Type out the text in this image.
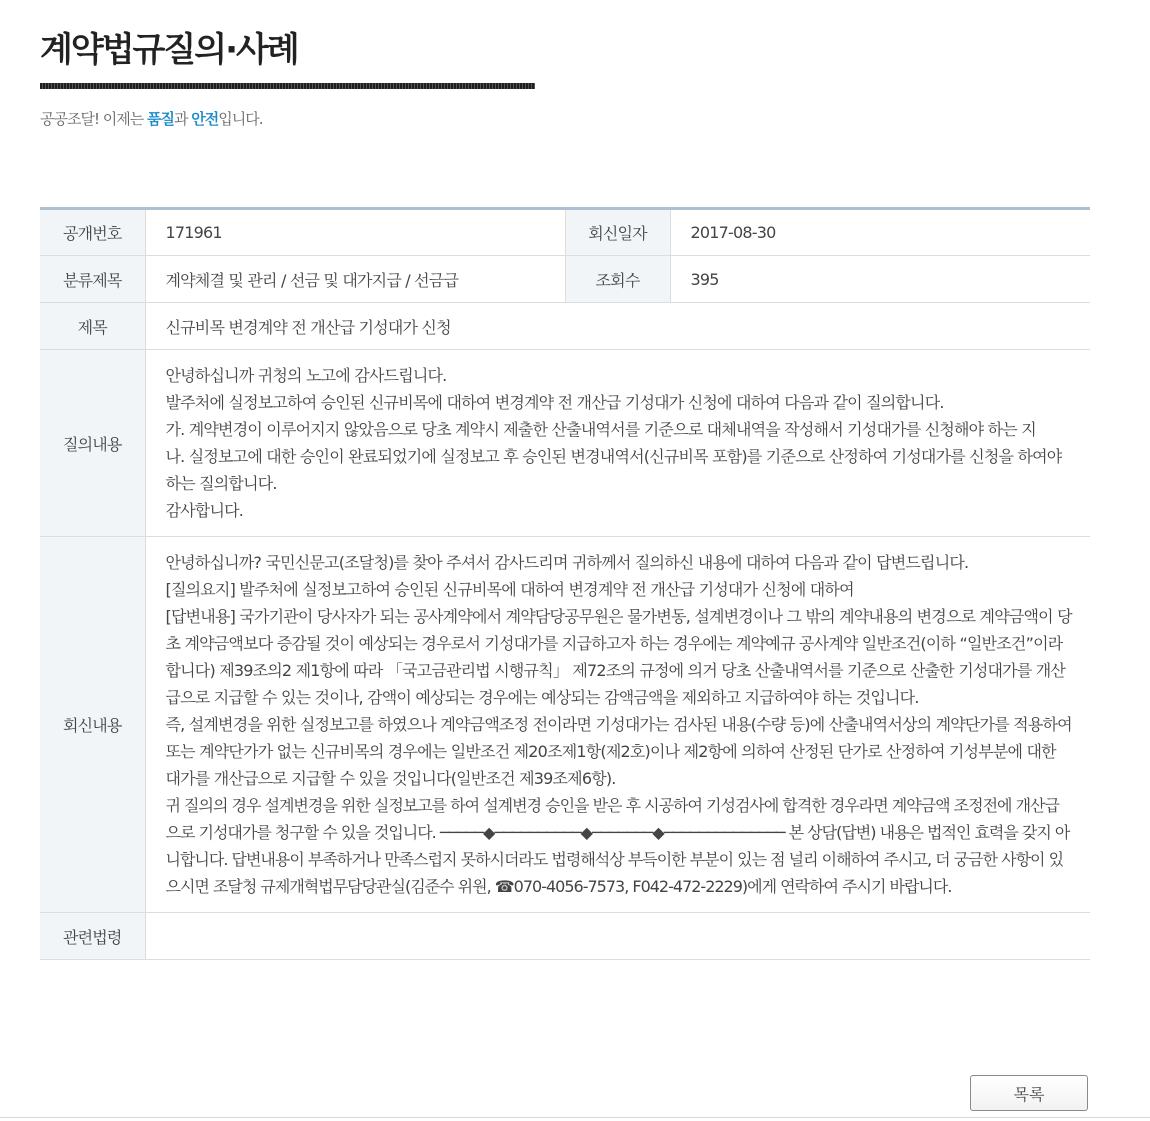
계약법규질의·사례
공공조달! 이제는 품질과 안전입니다.
공개번호	171961	회신일자	2017-08-30
분류제목	계약체결 및 관리 / 선금 및 대가지급 / 선금급	조회수	395
제목	신규비목 변경계약 전 개산급 기성대가 신청		
질의내용	안녕하십니까 귀청의 노고에 감사드립니다.
발주처에 실정보고하여 승인된 신규비목에 대하여 변경계약 전 개산급 기성대가 신청에 대하여 다음과 같이 질의합니다.
가. 계약변경이 이루어지지 않았음으로 당초 계약시 제출한 산출내역서를 기준으로 대체내역을 작성해서 기성대가를 신청해야 하는 지
나. 실정보고에 대한 승인이 완료되었기에 실정보고 후 승인된 변경내역서(신규비목 포함)를 기준으로 산정하여 기성대가를 신청을 하여야 하는 질의합니다.
감사합니다.		

회신내용	안녕하십니까? 국민신문고(조달청)를 찾아 주셔서 감사드리며 귀하께서 질의하신 내용에 대하여 다음과 같이 답변드립니다.
[질의요지] 발주처에 실정보고하여 승인된 신규비목에 대하여 변경계약 전 개산급 기성대가 신청에 대하여
[답변내용] 국가기관이 당사자가 되는 공사계약에서 계약담당공무원은 물가변동, 설계변경이나 그 밖의 계약내용의 변경으로 계약금액이 당초 계약금액보다 증감될 것이 예상되는 경우로서 기성대가를 지급하고자 하는 경우에는 계약예규 공사계약 일반조건(이하 “일반조건”이라 합니다) 제39조의2 제1항에 따라 「국고금관리법 시행규칙」 제72조의 규정에 의거 당초 산출내역서를 기준으로 산출한 기성대가를 개산급으로 지급할 수 있는 것이나, 감액이 예상되는 경우에는 예상되는 감액금액을 제외하고 지급하여야 하는 것입니다.
즉, 설계변경을 위한 실정보고를 하였으나 계약금액조정 전이라면 기성대가는 검사된 내용(수량 등)에 산출내역서상의 계약단가를 적용하여 또는 계약단가가 없는 신규비목의 경우에는 일반조건 제20조제1항(제2호)이나 제2항에 의하여 산정된 단가로 산정하여 기성부분에 대한 대가를 개산급으로 지급할 수 있을 것입니다(일반조건 제39조제6항).
귀 질의의 경우 설계변경을 위한 실정보고를 하여 설계변경 승인을 받은 후 시공하여 기성검사에 합격한 경우라면 계약금액 조정전에 개산급으로 기성대가를 청구할 수 있을 것입니다. ─────◆──────────◆───────◆────────────── 본 상담(답변) 내용은 법적인 효력을 갖지 아니합니다. 답변내용이 부족하거나 만족스럽지 못하시더라도 법령해석상 부득이한 부분이 있는 점 널리 이해하여 주시고, 더 궁금한 사항이 있으시면 조달청 규제개혁법무담당관실(김준수 위원, ☎070-4056-7573, F042-472-2229)에게 연락하여 주시기 바랍니다.		

관련법령			
목록
